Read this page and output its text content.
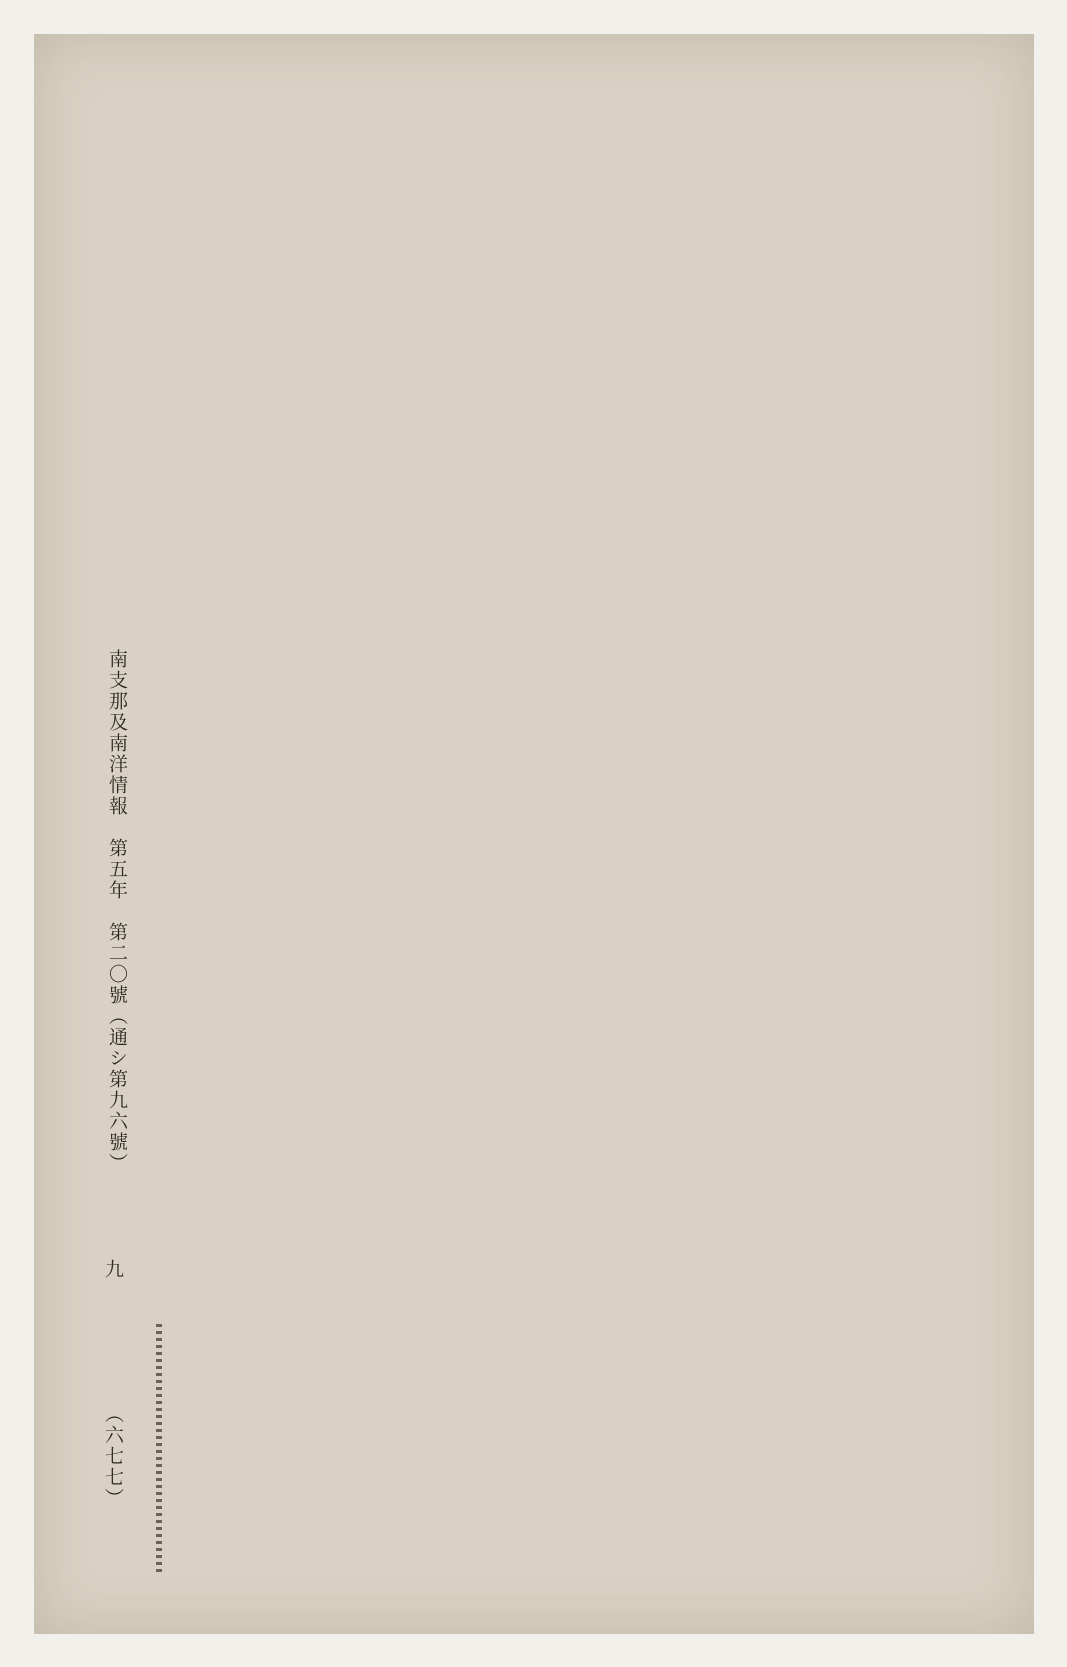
南支那及南洋情報　第五年　第二〇號（通シ第九六號）
九
（六七七）
